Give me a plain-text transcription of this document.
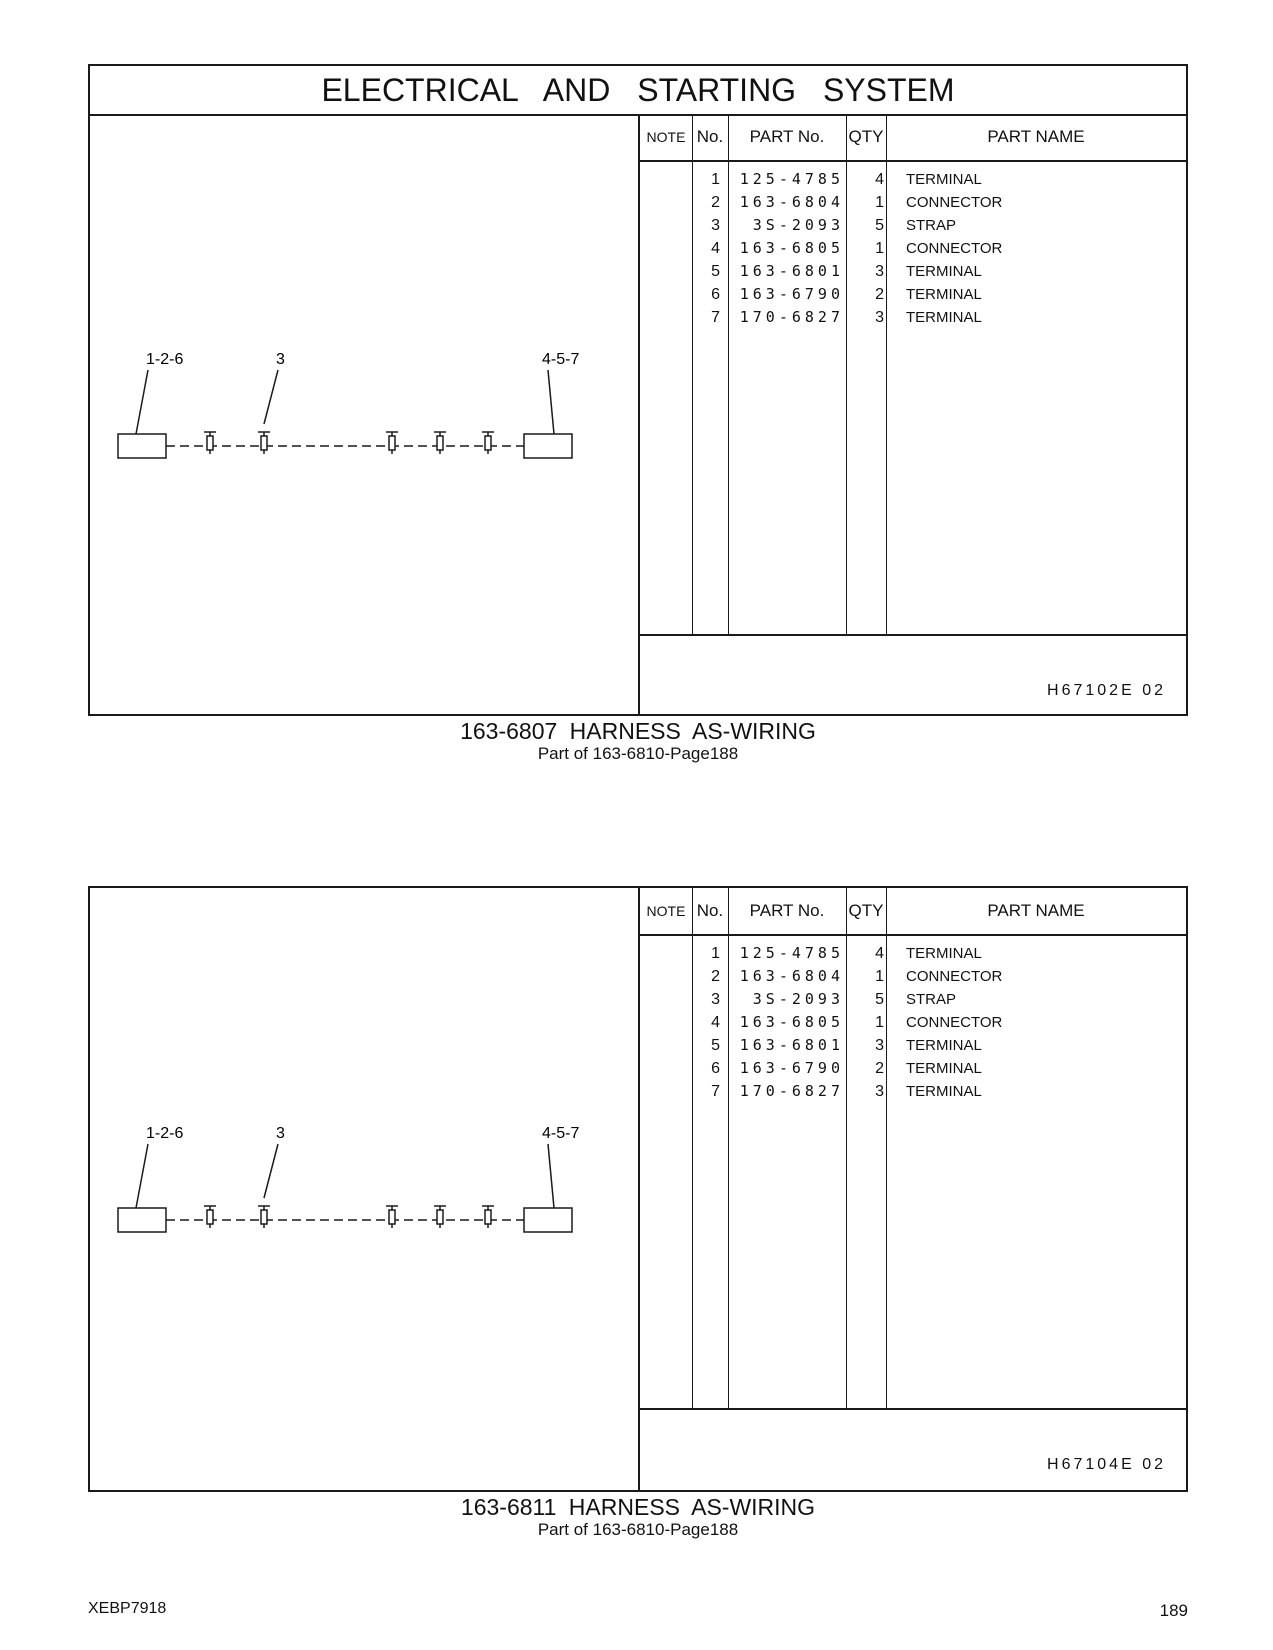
ELECTRICAL AND STARTING SYSTEM
1-2-6	3	4-5-7
NOTE No.	PART No.	QTY	PART NAME
1	125-4785	4 TERMINAL
2	163-6804	1 CONNECTOR
3	3S-2093	5 STRAP
4	163-6805	1 CONNECTOR
5	163-6801	3 TERMINAL
6	163-6790	2 TERMINAL
7	170-6827	3 TERMINAL
H67102E 02
163-6807 HARNESS AS-WIRING
Part of 163-6810-Page188
1-2-6	3	4-5-7
NOTE No.	PART No.	QTY	PART NAME
1	125-4785	4 TERMINAL
2	163-6804	1 CONNECTOR
3	3S-2093	5 STRAP
4	163-6805	1 CONNECTOR
5	163-6801	3 TERMINAL
6	163-6790	2 TERMINAL
7	170-6827	3 TERMINAL
H67104E 02
163-6811 HARNESS AS-WIRING
Part of 163-6810-Page188
XEBP7918	189
